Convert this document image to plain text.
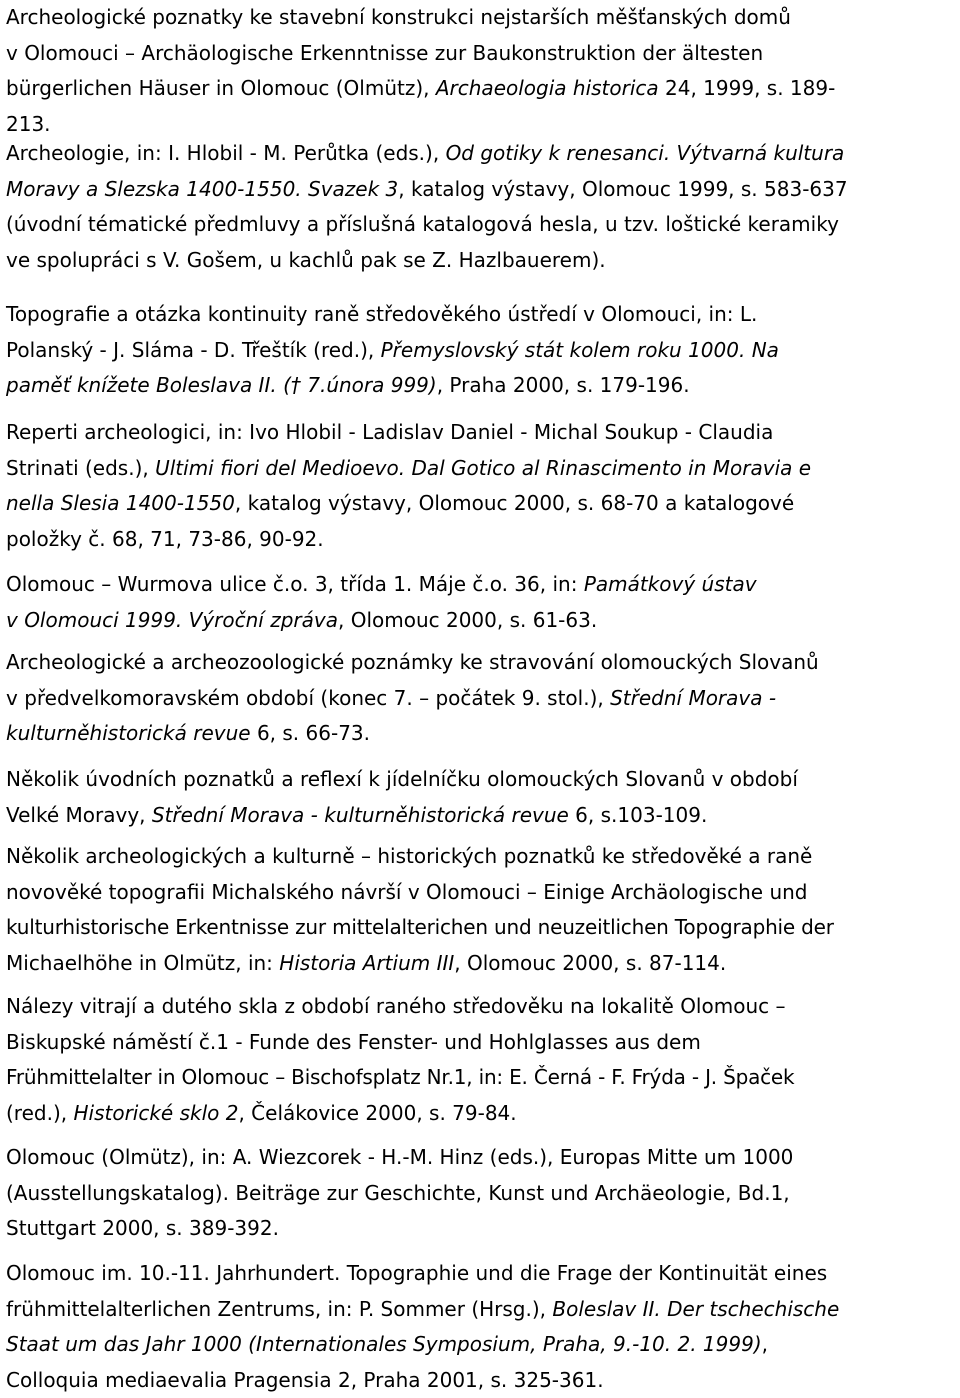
Archeologické poznatky ke stavební konstrukci nejstarších měšťanských domů
v Olomouci – Archäologische Erkenntnisse zur Baukonstruktion der ältesten
bürgerlichen Häuser in Olomouc (Olmütz), Archaeologia historica 24, 1999, s. 189-
213.

Archeologie, in: I. Hlobil - M. Perůtka (eds.), Od gotiky k renesanci. Výtvarná kultura
Moravy a Slezska 1400-1550. Svazek 3, katalog výstavy, Olomouc 1999, s. 583-637
(úvodní tématické předmluvy a příslušná katalogová hesla, u tzv. loštické keramiky
ve spolupráci s V. Gošem, u kachlů pak se Z. Hazlbauerem).

Topografie a otázka kontinuity raně středověkého ústředí v Olomouci, in: L.
Polanský - J. Sláma - D. Třeštík (red.), Přemyslovský stát kolem roku 1000. Na
paměť knížete Boleslava II. († 7.února 999), Praha 2000, s. 179-196.

Reperti archeologici, in: Ivo Hlobil - Ladislav Daniel - Michal Soukup - Claudia
Strinati (eds.), Ultimi fiori del Medioevo. Dal Gotico al Rinascimento in Moravia e
nella Slesia 1400-1550, katalog výstavy, Olomouc 2000, s. 68-70 a katalogové
položky č. 68, 71, 73-86, 90-92.

Olomouc – Wurmova ulice č.o. 3, třída 1. Máje č.o. 36, in: Památkový ústav
v Olomouci 1999. Výroční zpráva, Olomouc 2000, s. 61-63.

Archeologické a archeozoologické poznámky ke stravování olomouckých Slovanů
v předvelkomoravském období (konec 7. – počátek 9. stol.), Střední Morava -
kulturněhistorická revue 6, s. 66-73.

Několik úvodních poznatků a reflexí k jídelníčku olomouckých Slovanů v období
Velké Moravy, Střední Morava - kulturněhistorická revue 6, s.103-109.

Několik archeologických a kulturně – historických poznatků ke středověké a raně
novověké topografii Michalského návrší v Olomouci – Einige Archäologische und
kulturhistorische Erkentnisse zur mittelalterichen und neuzeitlichen Topographie der
Michaelhöhe in Olmütz, in: Historia Artium III, Olomouc 2000, s. 87-114.

Nálezy vitrají a dutého skla z období raného středověku na lokalitě Olomouc –
Biskupské náměstí č.1 - Funde des Fenster- und Hohlglasses aus dem
Frühmittelalter in Olomouc – Bischofsplatz Nr.1, in: E. Černá - F. Frýda - J. Špaček
(red.), Historické sklo 2, Čelákovice 2000, s. 79-84.

Olomouc (Olmütz), in: A. Wiezcorek - H.-M. Hinz (eds.), Europas Mitte um 1000
(Ausstellungskatalog). Beiträge zur Geschichte, Kunst und Archäeologie, Bd.1,
Stuttgart 2000, s. 389-392.

Olomouc im. 10.-11. Jahrhundert. Topographie und die Frage der Kontinuität eines
frühmittelalterlichen Zentrums, in: P. Sommer (Hrsg.), Boleslav II. Der tschechische
Staat um das Jahr 1000 (Internationales Symposium, Praha, 9.-10. 2. 1999),
Colloquia mediaevalia Pragensia 2, Praha 2001, s. 325-361.
